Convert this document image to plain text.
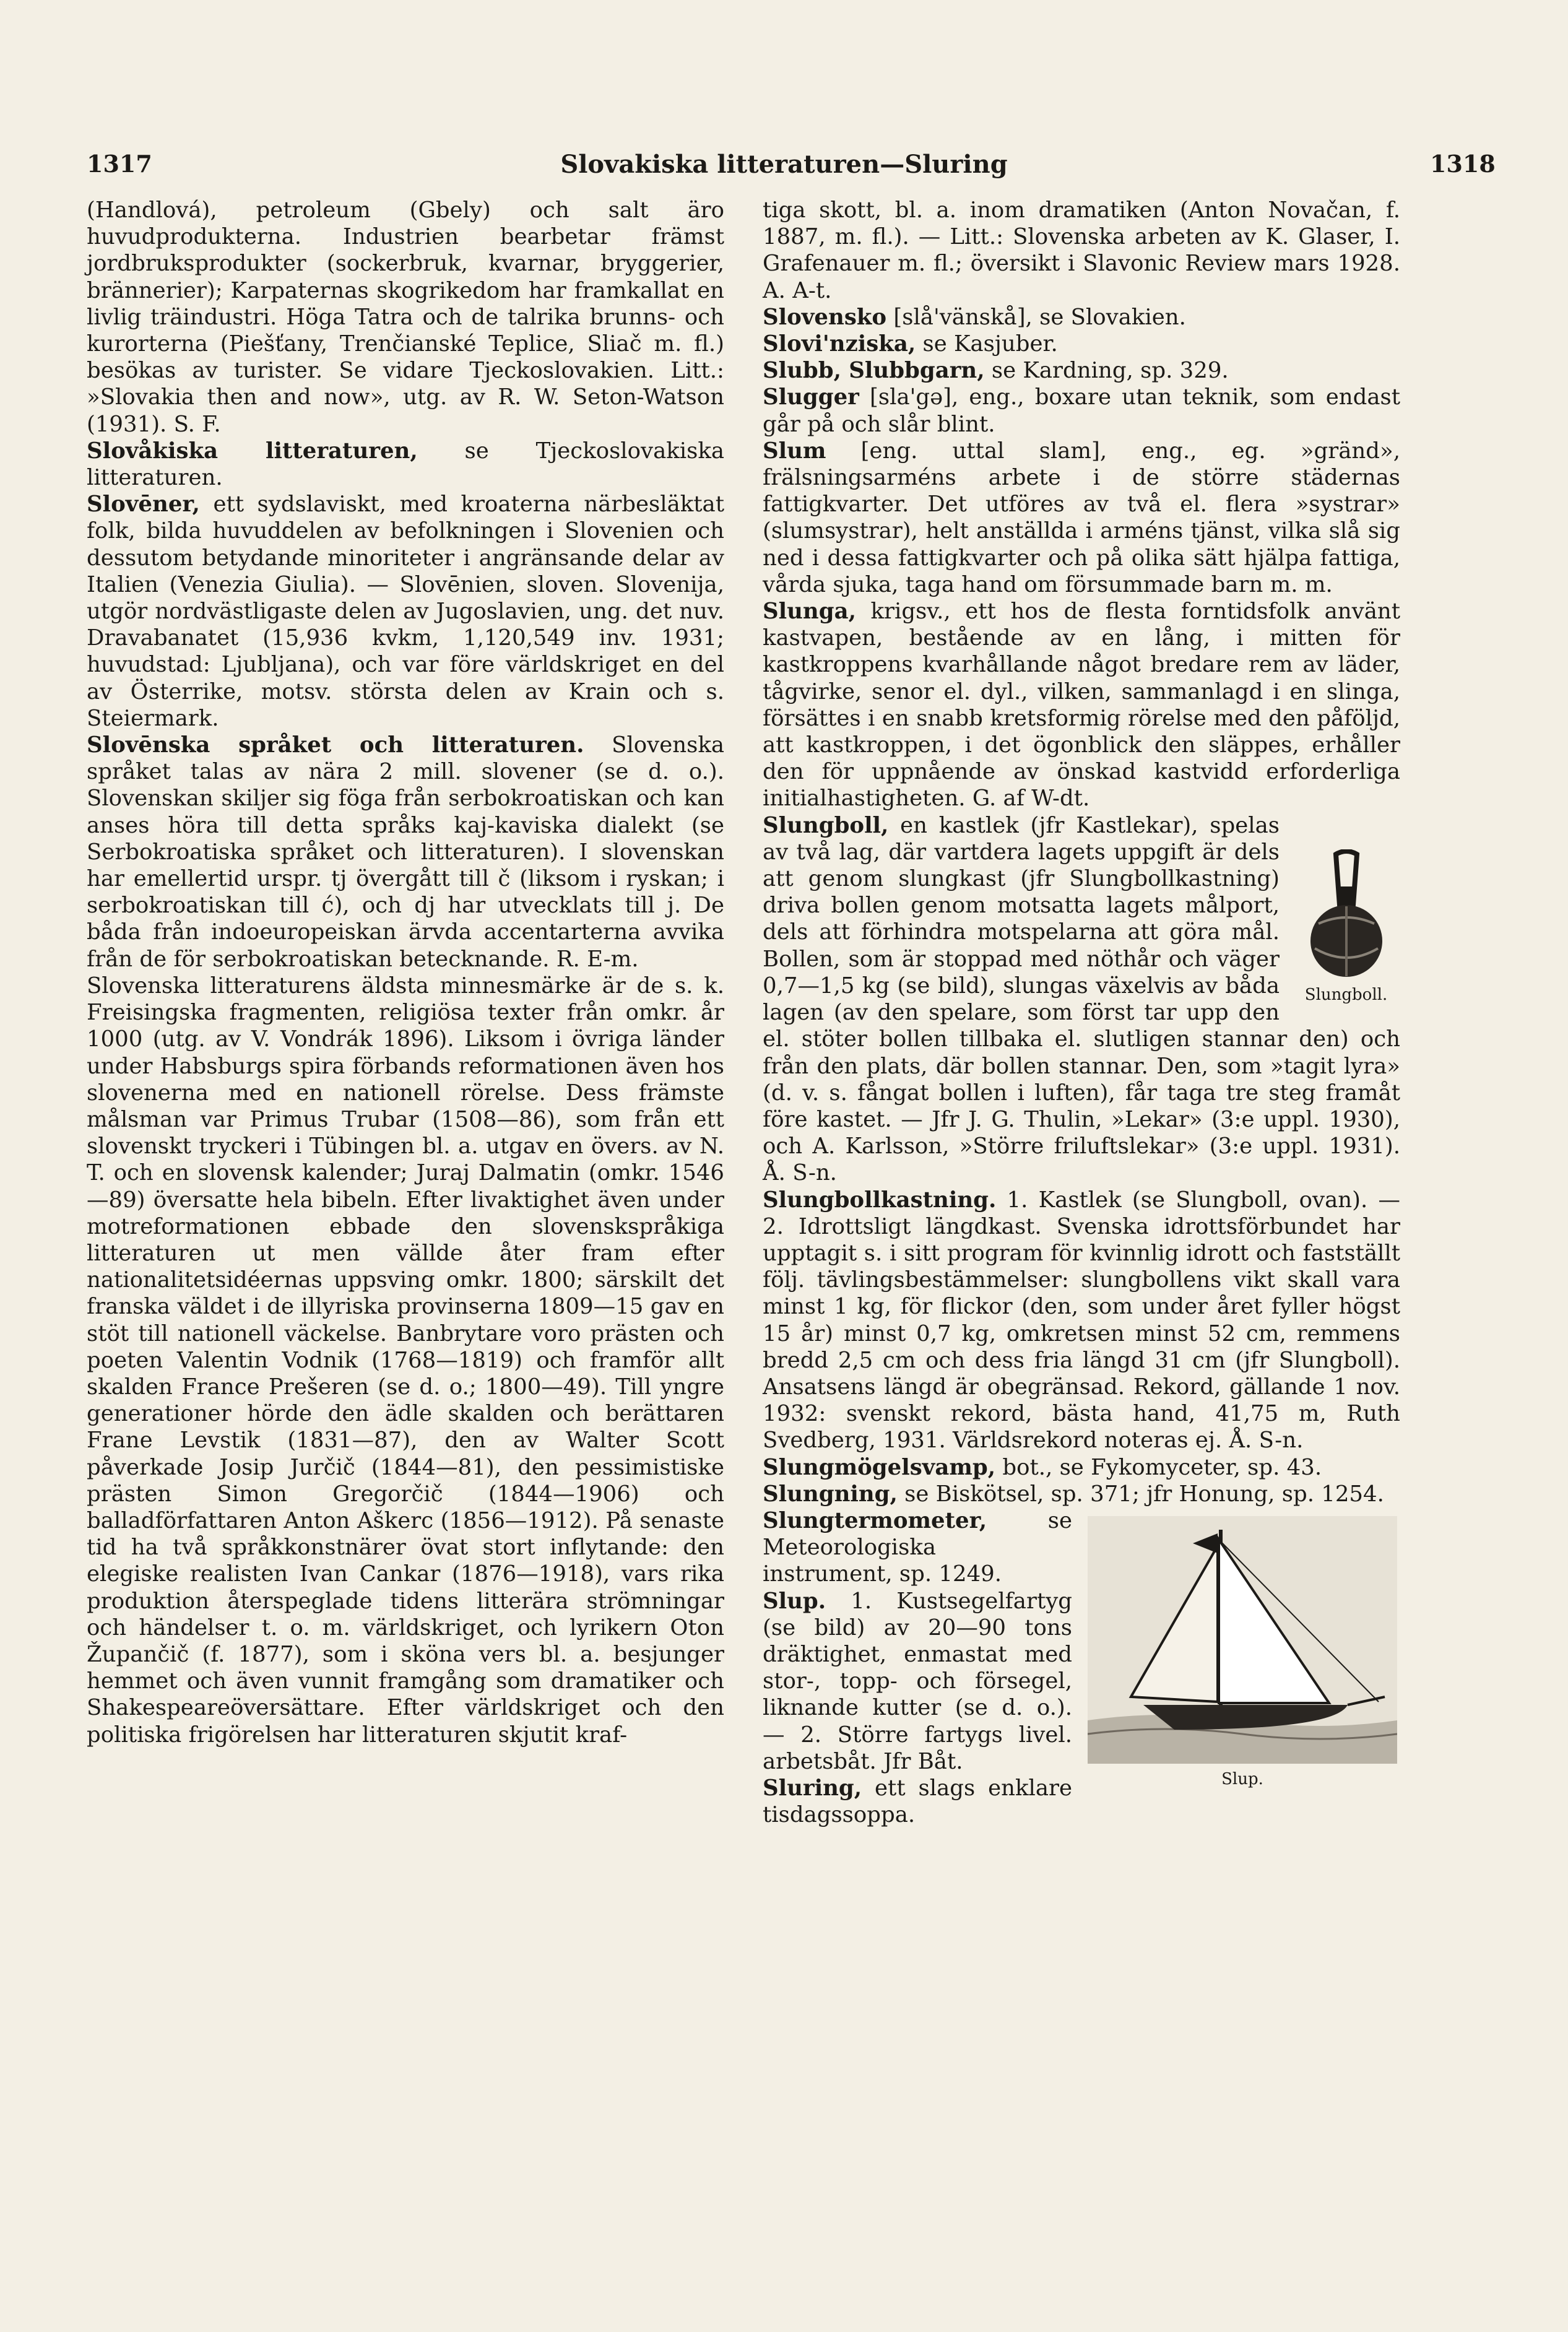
1317	Slovakiska litteraturen—Sluring	1318

(Handlová), petroleum (Gbely) och salt äro huvudprodukterna. Industrien bearbetar främst jordbruksprodukter (sockerbruk, kvarnar, bryggerier, brännerier); Karpaternas skogrikedom har framkallat en livlig träindustri. Höga Tatra och de talrika brunns- och kurorterna (Piešťany, Trenčianské Teplice, Sliač m. fl.) besökas av turister. Se vidare Tjeckoslovakien. Litt.: »Slovakia then and now», utg. av R. W. Seton-Watson (1931). S. F.

Slovåkiska litteraturen, se Tjeckoslovakiska litteraturen.

Slovēner, ett sydslaviskt, med kroaterna närbesläktat folk, bilda huvuddelen av befolkningen i Slovenien och dessutom betydande minoriteter i angränsande delar av Italien (Venezia Giulia). — Slovēnien, sloven. Slovenija, utgör nordvästligaste delen av Jugoslavien, ung. det nuv. Dravabanatet (15,936 kvkm, 1,120,549 inv. 1931; huvudstad: Ljubljana), och var före världskriget en del av Österrike, motsv. största delen av Krain och s. Steiermark.

Slovēnska språket och litteraturen. Slovenska språket talas av nära 2 mill. slovener (se d. o.). Slovenskan skiljer sig föga från serbokroatiskan och kan anses höra till detta språks kaj-kaviska dialekt (se Serbokroatiska språket och litteraturen). I slovenskan har emellertid urspr. tj övergått till č (liksom i ryskan; i serbokroatiskan till ć), och dj har utvecklats till j. De båda från indoeuropeiskan ärvda accentarterna avvika från de för serbokroatiskan betecknande. R. E-m.

Slovenska litteraturens äldsta minnesmärke är de s. k. Freisingska fragmenten, religiösa texter från omkr. år 1000 (utg. av V. Vondrák 1896). Liksom i övriga länder under Habsburgs spira förbands reformationen även hos slovenerna med en nationell rörelse. Dess främste målsman var Primus Trubar (1508—86), som från ett slovenskt tryckeri i Tübingen bl. a. utgav en övers. av N. T. och en slovensk kalender; Juraj Dalmatin (omkr. 1546—89) översatte hela bibeln. Efter livaktighet även under motreformationen ebbade den slovenskspråkiga litteraturen ut men vällde åter fram efter nationalitetsidéernas uppsving omkr. 1800; särskilt det franska väldet i de illyriska provinserna 1809—15 gav en stöt till nationell väckelse. Banbrytare voro prästen och poeten Valentin Vodnik (1768—1819) och framför allt skalden France Prešeren (se d. o.; 1800—49). Till yngre generationer hörde den ädle skalden och berättaren Frane Levstik (1831—87), den av Walter Scott påverkade Josip Jurčič (1844—81), den pessimistiske prästen Simon Gregorčič (1844—1906) och balladförfattaren Anton Aškerc (1856—1912). På senaste tid ha två språkkonstnärer övat stort inflytande: den elegiske realisten Ivan Cankar (1876—1918), vars rika produktion återspeglade tidens litterära strömningar och händelser t. o. m. världskriget, och lyrikern Oton Župančič (f. 1877), som i sköna vers bl. a. besjunger hemmet och även vunnit framgång som dramatiker och Shakespeareöversättare. Efter världskriget och den politiska frigörelsen har litteraturen skjutit kraf-

tiga skott, bl. a. inom dramatiken (Anton Novačan, f. 1887, m. fl.). — Litt.: Slovenska arbeten av K. Glaser, I. Grafenauer m. fl.; översikt i Slavonic Review mars 1928. A. A-t.

Slovensko [slå'vänskå], se Slovakien.

Slovi'nziska, se Kasjuber.

Slubb, Slubbgarn, se Kardning, sp. 329.

Slugger [sla'gə], eng., boxare utan teknik, som endast går på och slår blint.

Slum [eng. uttal slam], eng., eg. »gränd», frälsningsarméns arbete i de större städernas fattigkvarter. Det utföres av två el. flera »systrar» (slumsystrar), helt anställda i arméns tjänst, vilka slå sig ned i dessa fattigkvarter och på olika sätt hjälpa fattiga, vårda sjuka, taga hand om försummade barn m. m.

Slunga, krigsv., ett hos de flesta forntidsfolk använt kastvapen, bestående av en lång, i mitten för kastkroppens kvarhållande något bredare rem av läder, tågvirke, senor el. dyl., vilken, sammanlagd i en slinga, försättes i en snabb kretsformig rörelse med den påföljd, att kastkroppen, i det ögonblick den släppes, erhåller den för uppnående av önskad kastvidd erforderliga initialhastigheten. G. af W-dt.

Slungboll.

Slungboll, en kastlek (jfr Kastlekar), spelas av två lag, där vartdera lagets uppgift är dels att genom slungkast (jfr Slungbollkastning) driva bollen genom motsatta lagets målport, dels att förhindra motspelarna att göra mål. Bollen, som är stoppad med nöthår och väger 0,7—1,5 kg (se bild), slungas växelvis av båda lagen (av den spelare, som först tar upp den el. stöter bollen tillbaka el. slutligen stannar den) och från den plats, där bollen stannar. Den, som »tagit lyra» (d. v. s. fångat bollen i luften), får taga tre steg framåt före kastet. — Jfr J. G. Thulin, »Lekar» (3:e uppl. 1930), och A. Karlsson, »Större friluftslekar» (3:e uppl. 1931). Å. S-n.

Slungbollkastning. 1. Kastlek (se Slungboll, ovan). — 2. Idrottsligt längdkast. Svenska idrottsförbundet har upptagit s. i sitt program för kvinnlig idrott och fastställt följ. tävlingsbestämmelser: slungbollens vikt skall vara minst 1 kg, för flickor (den, som under året fyller högst 15 år) minst 0,7 kg, omkretsen minst 52 cm, remmens bredd 2,5 cm och dess fria längd 31 cm (jfr Slungboll). Ansatsens längd är obegränsad. Rekord, gällande 1 nov. 1932: svenskt rekord, bästa hand, 41,75 m, Ruth Svedberg, 1931. Världsrekord noteras ej. Å. S-n.

Slungmögelsvamp, bot., se Fykomyceter, sp. 43.

Slungning, se Biskötsel, sp. 371; jfr Honung, sp. 1254.

Slup.

Slungtermometer, se Meteorologiska instrument, sp. 1249.

Slup. 1. Kustsegelfartyg (se bild) av 20—90 tons dräktighet, enmastat med stor-, topp- och försegel, liknande kutter (se d. o.). — 2. Större fartygs livel. arbetsbåt. Jfr Båt.

Sluring, ett slags enklare tisdagssoppa.
